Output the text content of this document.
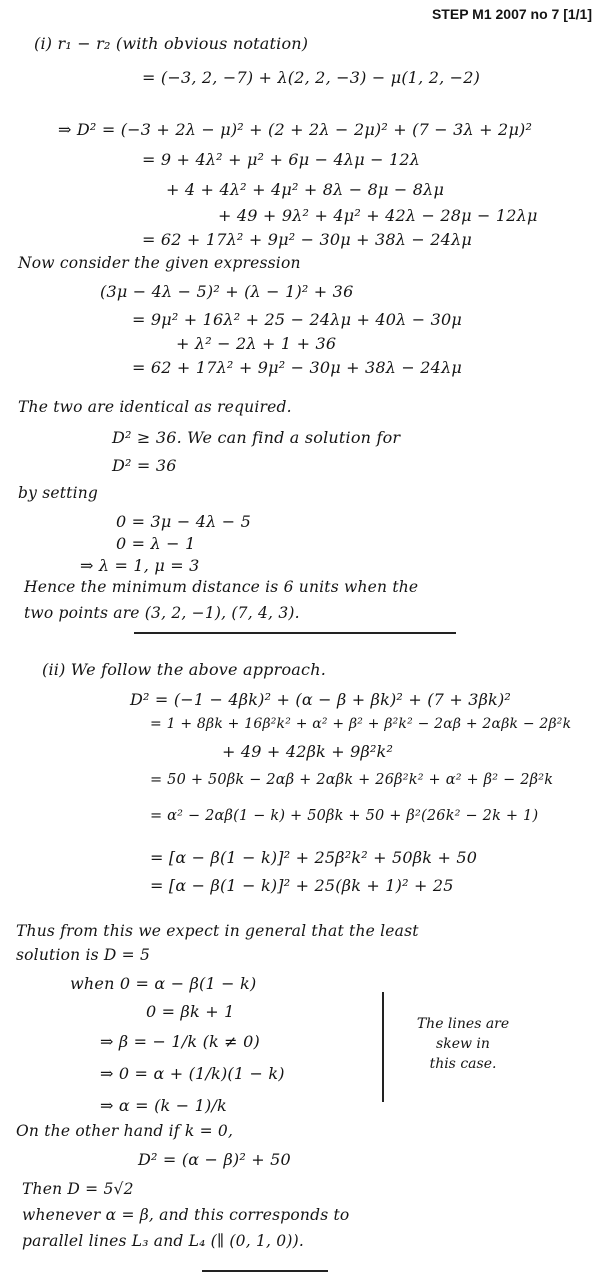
STEP M1 2007 no 7 [1/1]
(i) r₁ − r₂ (with obvious notation)
= (−3, 2, −7) + λ(2, 2, −3) − μ(1, 2, −2)
⇒ D² = (−3 + 2λ − μ)² + (2 + 2λ − 2μ)² + (7 − 3λ + 2μ)²
= 9 + 4λ² + μ² + 6μ − 4λμ − 12λ
+ 4 + 4λ² + 4μ² + 8λ − 8μ − 8λμ
+ 49 + 9λ² + 4μ² + 42λ − 28μ − 12λμ
= 62 + 17λ² + 9μ² − 30μ + 38λ − 24λμ
Now consider the given expression
(3μ − 4λ − 5)² + (λ − 1)² + 36
= 9μ² + 16λ² + 25 − 24λμ + 40λ − 30μ
+ λ² − 2λ + 1 + 36
= 62 + 17λ² + 9μ² − 30μ + 38λ − 24λμ
The two are identical as required.
D² ≥ 36. We can find a solution for
D² = 36
by setting
0 = 3μ − 4λ − 5
0 = λ − 1
⇒ λ = 1, μ = 3
Hence the minimum distance is 6 units when the
two points are (3, 2, −1), (7, 4, 3).
(ii) We follow the above approach.
D² = (−1 − 4βk)² + (α − β + βk)² + (7 + 3βk)²
= 1 + 8βk + 16β²k² + α² + β² + β²k² − 2αβ + 2αβk − 2β²k
+ 49 + 42βk + 9β²k²
= 50 + 50βk − 2αβ + 2αβk + 26β²k² + α² + β² − 2β²k
= α² − 2αβ(1 − k) + 50βk + 50 + β²(26k² − 2k + 1)
= [α − β(1 − k)]² + 25β²k² + 50βk + 50
= [α − β(1 − k)]² + 25(βk + 1)² + 25
Thus from this we expect in general that the least
solution is D = 5
when 0 = α − β(1 − k)
0 = βk + 1
⇒ β = − 1/k (k ≠ 0)
⇒ 0 = α + (1/k)(1 − k)
⇒ α = (k − 1)/k
On the other hand if k = 0,
D² = (α − β)² + 50
Then D = 5√2
whenever α = β, and this corresponds to
parallel lines L₃ and L₄ (∥ (0, 1, 0)).
The lines are
skew in
this case.
